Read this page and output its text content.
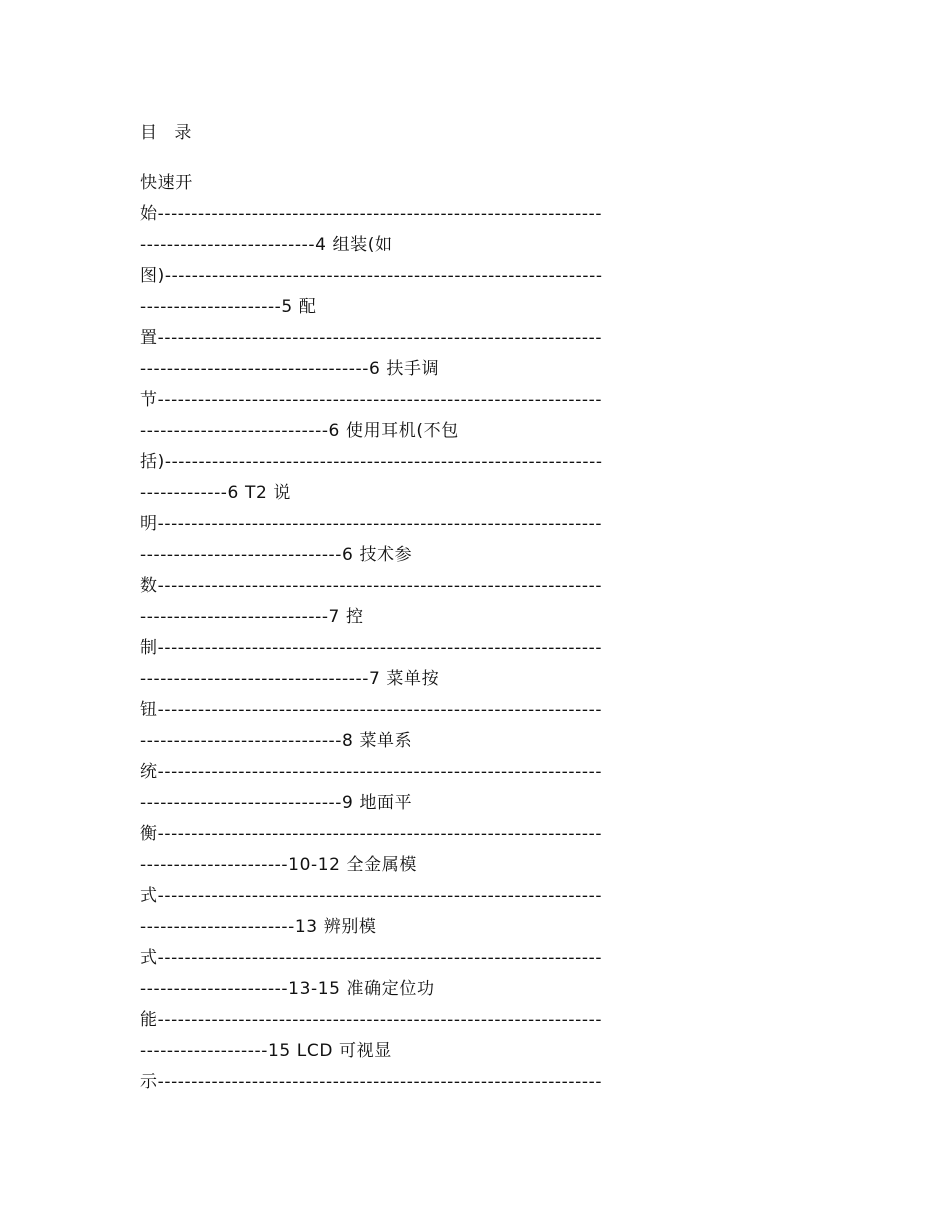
目 录
快速开
始------------------------------------------------------------------
--------------------------4 组装(如
图)-----------------------------------------------------------------
---------------------5 配
置------------------------------------------------------------------
----------------------------------6 扶手调
节------------------------------------------------------------------
----------------------------6 使用耳机(不包
括)-----------------------------------------------------------------
-------------6 T2 说
明------------------------------------------------------------------
------------------------------6 技术参
数------------------------------------------------------------------
----------------------------7 控
制------------------------------------------------------------------
----------------------------------7 菜单按
钮------------------------------------------------------------------
------------------------------8 菜单系
统------------------------------------------------------------------
------------------------------9 地面平
衡------------------------------------------------------------------
----------------------10-12 全金属模
式------------------------------------------------------------------
-----------------------13 辨别模
式------------------------------------------------------------------
----------------------13-15 准确定位功
能------------------------------------------------------------------
-------------------15 LCD 可视显
示------------------------------------------------------------------
